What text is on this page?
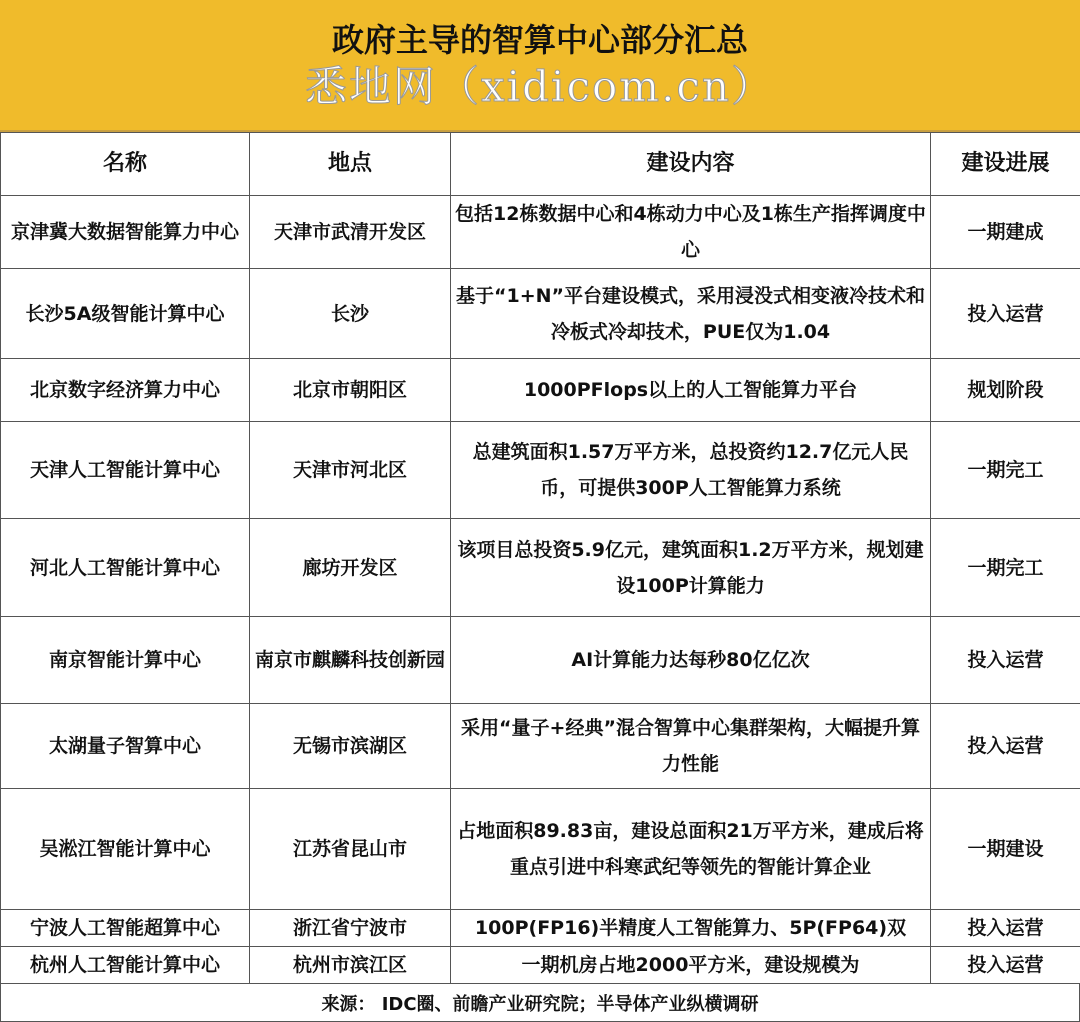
政府主导的智算中心部分汇总
悉地网（xidicom.cn）
名称	地点	建设内容	建设进展
京津冀大数据智能算力中心	天津市武清开发区	包括12栋数据中心和4栋动力中心及1栋生产指挥调度中心	一期建成
长沙5A级智能计算中心	长沙	基于“1+N”平台建设模式，采用浸没式相变液冷技术和冷板式冷却技术，PUE仅为1.04	投入运营
北京数字经济算力中心	北京市朝阳区	1000PFlops以上的人工智能算力平台	规划阶段
天津人工智能计算中心	天津市河北区	总建筑面积1.57万平方米，总投资约12.7亿元人民币，可提供300P人工智能算力系统	一期完工
河北人工智能计算中心	廊坊开发区	该项目总投资5.9亿元，建筑面积1.2万平方米，规划建设100P计算能力	一期完工
南京智能计算中心	南京市麒麟科技创新园	AI计算能力达每秒80亿亿次	投入运营
太湖量子智算中心	无锡市滨湖区	采用“量子+经典”混合智算中心集群架构，大幅提升算力性能	投入运营
吴淞江智能计算中心	江苏省昆山市	占地面积89.83亩，建设总面积21万平方米，建成后将重点引进中科寒武纪等领先的智能计算企业	一期建设
宁波人工智能超算中心	浙江省宁波市	100P(FP16)半精度人工智能算力、5P(FP64)双	投入运营
杭州人工智能计算中心	杭州市滨江区	一期机房占地2000平方米，建设规模为	投入运营
来源： IDC圈、前瞻产业研究院；半导体产业纵横调研
